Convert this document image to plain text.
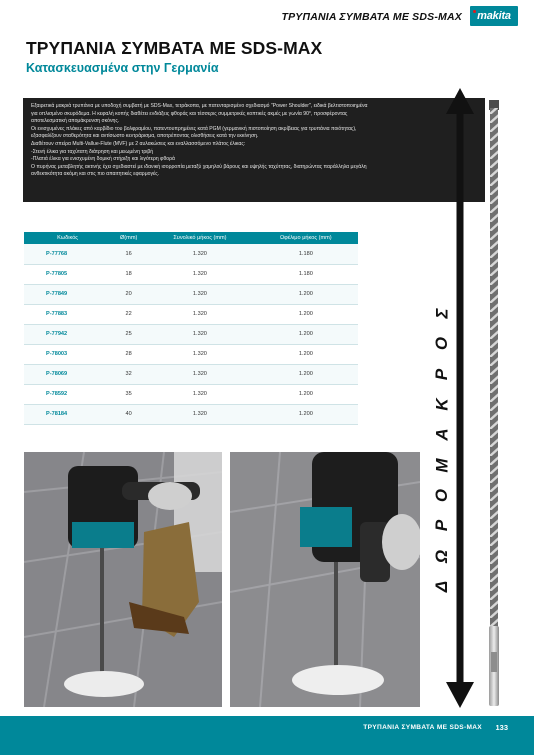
ΤΡΥΠΑΝΙΑ ΣΥΜΒΑΤΑ ΜΕ SDS-MAX makita
ΤΡΥΠΑΝΙΑ ΣΥΜΒΑΤΑ ΜΕ SDS-MAX
Κατασκευασμένα στην Γερμανία

Εξαιρετικά μακριά τρυπάνια με υποδοχή συμβατή με SDS-Max, τετράκοπα, με πατενταρισμένο σχεδιασμό "Power Shoulder", ειδικά βελτιστοποιημένα

για οπλισμένο σκυρόδεμα. Η κεφαλή κοπής διαθέτει ενδιάξεις φθοράς και τέσσερις συμμετρικές κοπτικές ακμές με γωνία 90°, προσφέροντας

αποτελεσματική απομάκρυνση σκόνης.

Οι ενισχυμένες πλάκες από καρβίδιο του βολφραμίου, πατεντουπρημένες κατά PGM (γερμανική πιστοποίηση ακρίβειας για τρυπάνια ποιότητας),

εξασφαλίζουν σταθερότητα και αντίσωστο κεντράρισμα, αποτρέποντας ολισθήσεις κατά την εκκίνηση.

Διαθέτουν σπείρα Multi-Vallue-Flute (MVF) με 2 αυλακώσεις και εναλλασσόμενο πλάτος έλικας:

-Στενή έλικα για ταχύτατη διάτρηση και μειωμένη τριβή

-Πλατιά έλικα για ενισχυμένη δομική στήριξη και λιγότερη φθορά

Ο πυρήνας μεταβλητής ακτινής έχει σχεδιαστεί με ιδανική ισορροπία μεταξύ χαμηλού βάρους και υψηλής ταχύτητας, διατηρώντας παράλληλα μεγάλη

ανθεκτικότητα ακόμη και στις πιο απαιτητικές εφαρμογές.

Κωδικός	Ø(mm)	Συνολικό μήκος (mm)	Ωφέλιμο μήκος (mm)
P-77768	16	1.320	1.180
P-77805	18	1.320	1.180
P-77849	20	1.320	1.200
P-77883	22	1.320	1.200
P-77942	25	1.320	1.200
P-78003	28	1.320	1.200
P-78069	32	1.320	1.200
P-78592	35	1.320	1.200
P-78184	40	1.320	1.200
Σ
Ο
Ρ
Κ
Α
Μ
Ο
Ρ
Ω
Δ
ΤΡΥΠΑΝΙΑ ΣΥΜΒΑΤΑ ΜΕ SDS-MAX 133
